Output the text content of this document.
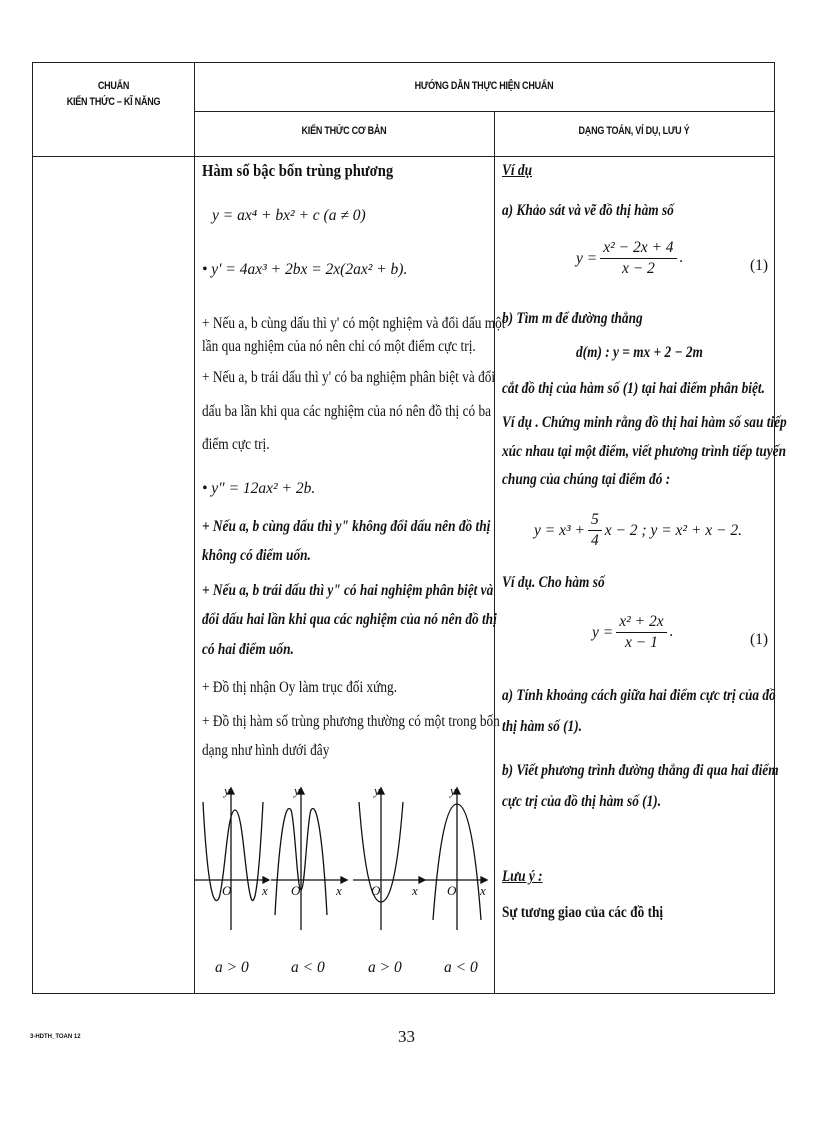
CHUẨN
KIẾN THỨC – KĨ NĂNG
HƯỚNG DẪN THỰC HIỆN CHUẨN
KIẾN THỨC CƠ BẢN	DẠNG TOÁN, VÍ DỤ, LƯU Ý
Hàm số bậc bốn trùng phương
y = ax⁴ + bx² + c (a ≠ 0)
• y' = 4ax³ + 2bx = 2x(2ax² + b).
+ Nếu a, b cùng dấu thì y' có một nghiệm và đổi dấu một
lần qua nghiệm của nó nên chỉ có một điểm cực trị.
+ Nếu a, b trái dấu thì y' có ba nghiệm phân biệt và đổi
dấu ba lần khi qua các nghiệm của nó nên đồ thị có ba
điểm cực trị.
• y" = 12ax² + 2b.
+ Nếu a, b cùng dấu thì y" không đổi dấu nên đồ thị
không có điểm uốn.
+ Nếu a, b trái dấu thì y" có hai nghiệm phân biệt và
đổi dấu hai lần khi qua các nghiệm của nó nên đồ thị
có hai điểm uốn.
+ Đồ thị nhận Oy làm trục đối xứng.
+ Đồ thị hàm số trùng phương thường có một trong bốn
dạng như hình dưới đây
y	y	y	y
x	x	x	x
O	O	O	O
a > 0	a < 0	a > 0	a < 0
Ví dụ
a) Khảo sát và vẽ đồ thị hàm số
$y = \frac{\text{x² − 2x + 4}}{x - 2}$ .	(1)
b) Tìm m để đường thẳng
d(m) : y = mx + 2 − 2m
cắt đồ thị của hàm số (1) tại hai điểm phân biệt.
Ví dụ . Chứng minh rằng đồ thị hai hàm số sau tiếp
xúc nhau tại một điểm, viết phương trình tiếp tuyến
chung của chúng tại điểm đó :
$y = x^3 + \frac{5}{4}$ x − 2 ; y = x² + x − 2.
Ví dụ. Cho hàm số
$y = \frac{\text{x² + 2x}}{x - 1}$ .	(1)
a) Tính khoảng cách giữa hai điểm cực trị của đồ
thị hàm số (1).
b) Viết phương trình đường thẳng đi qua hai điểm
cực trị của đồ thị hàm số (1).
Lưu ý :
Sự tương giao của các đồ thị
3-HDTH_TOAN 12	33
